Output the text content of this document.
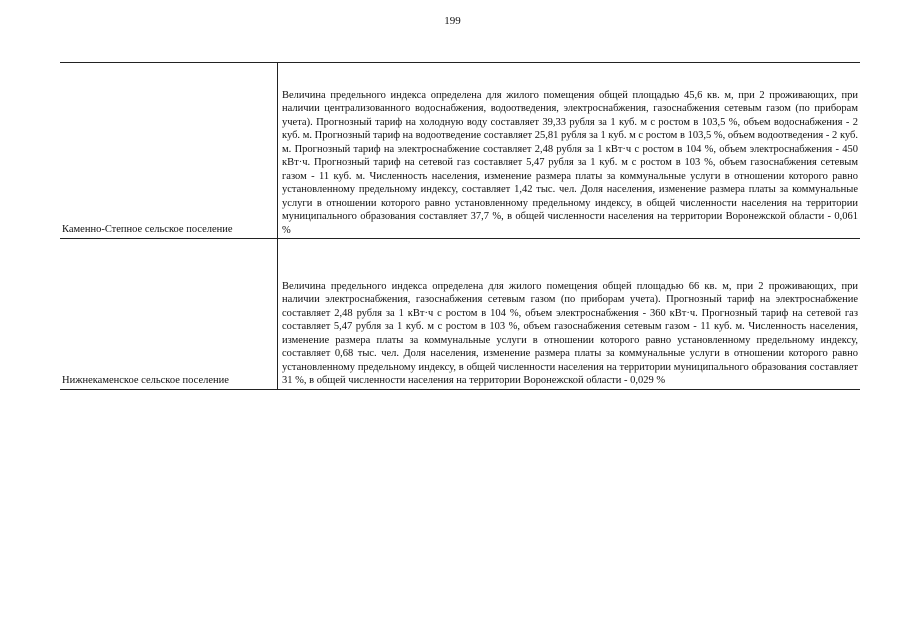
199
Каменно-Степное сельское поселение
Величина предельного индекса определена для жилого помещения общей площадью 45,6 кв. м, при 2 проживающих, при наличии централизованного водоснабжения, водоотведения, электроснабжения, газоснабжения сетевым газом (по приборам учета). Прогнозный тариф на холодную воду составляет 39,33 рубля за 1 куб. м с ростом в 103,5 %, объем водоснабжения - 2 куб. м. Прогнозный тариф на водоотведение составляет 25,81 рубля за 1 куб. м с ростом в 103,5 %, объем водоотведения - 2 куб. м. Прогнозный тариф на электроснабжение составляет 2,48 рубля за 1 кВт·ч с ростом в 104 %, объем электроснабжения - 450 кВт·ч. Прогнозный тариф на сетевой газ составляет 5,47 рубля за 1 куб. м с ростом в 103 %, объем газоснабжения сетевым газом - 11 куб. м. Численность населения, изменение размера платы за коммунальные услуги в отношении которого равно установленному предельному индексу, составляет 1,42 тыс. чел. Доля населения, изменение размера платы за коммунальные услуги в отношении которого равно установленному предельному индексу, в общей численности населения на территории муниципального образования составляет 37,7 %, в общей численности населения на территории Воронежской области - 0,061 %
Нижнекаменское сельское поселение
Величина предельного индекса определена для жилого помещения общей площадью 66 кв. м, при 2 проживающих, при наличии электроснабжения, газоснабжения сетевым газом (по приборам учета). Прогнозный тариф на электроснабжение составляет 2,48 рубля за 1 кВт·ч с ростом в 104 %, объем электроснабжения - 360 кВт·ч. Прогнозный тариф на сетевой газ составляет 5,47 рубля за 1 куб. м с ростом в 103 %, объем газоснабжения сетевым газом - 11 куб. м. Численность населения, изменение размера платы за коммунальные услуги в отношении которого равно установленному предельному индексу, составляет 0,68 тыс. чел. Доля населения, изменение размера платы за коммунальные услуги в отношении которого равно установленному предельному индексу, в общей численности населения на территории муниципального образования составляет 31 %, в общей численности населения на территории Воронежской области - 0,029 %
